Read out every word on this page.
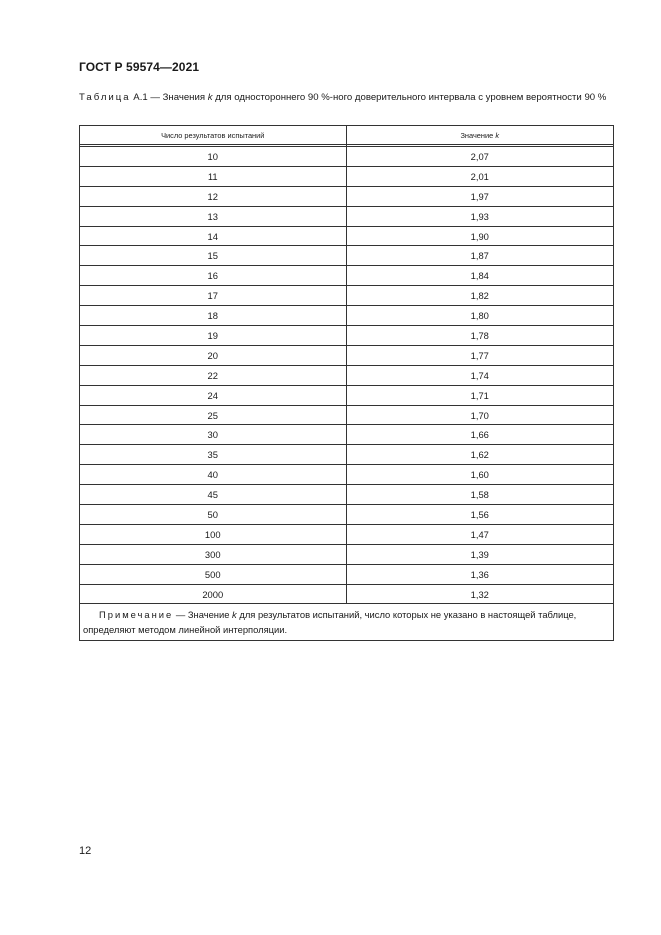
ГОСТ Р 59574—2021
Таблица А.1 — Значения k для одностороннего 90 %-ного доверительного интервала с уровнем вероятности 90 %
Число результатов испытаний	Значение k

10	2,07
11	2,01
12	1,97
13	1,93
14	1,90
15	1,87
16	1,84
17	1,82
18	1,80
19	1,78
20	1,77
22	1,74
24	1,71
25	1,70
30	1,66
35	1,62
40	1,60
45	1,58
50	1,56
100	1,47
300	1,39
500	1,36
2000	1,32
Примечание — Значение k для результатов испытаний, число которых не указано в настоящей таблице, определяют методом линейной интерполяции.	
12
